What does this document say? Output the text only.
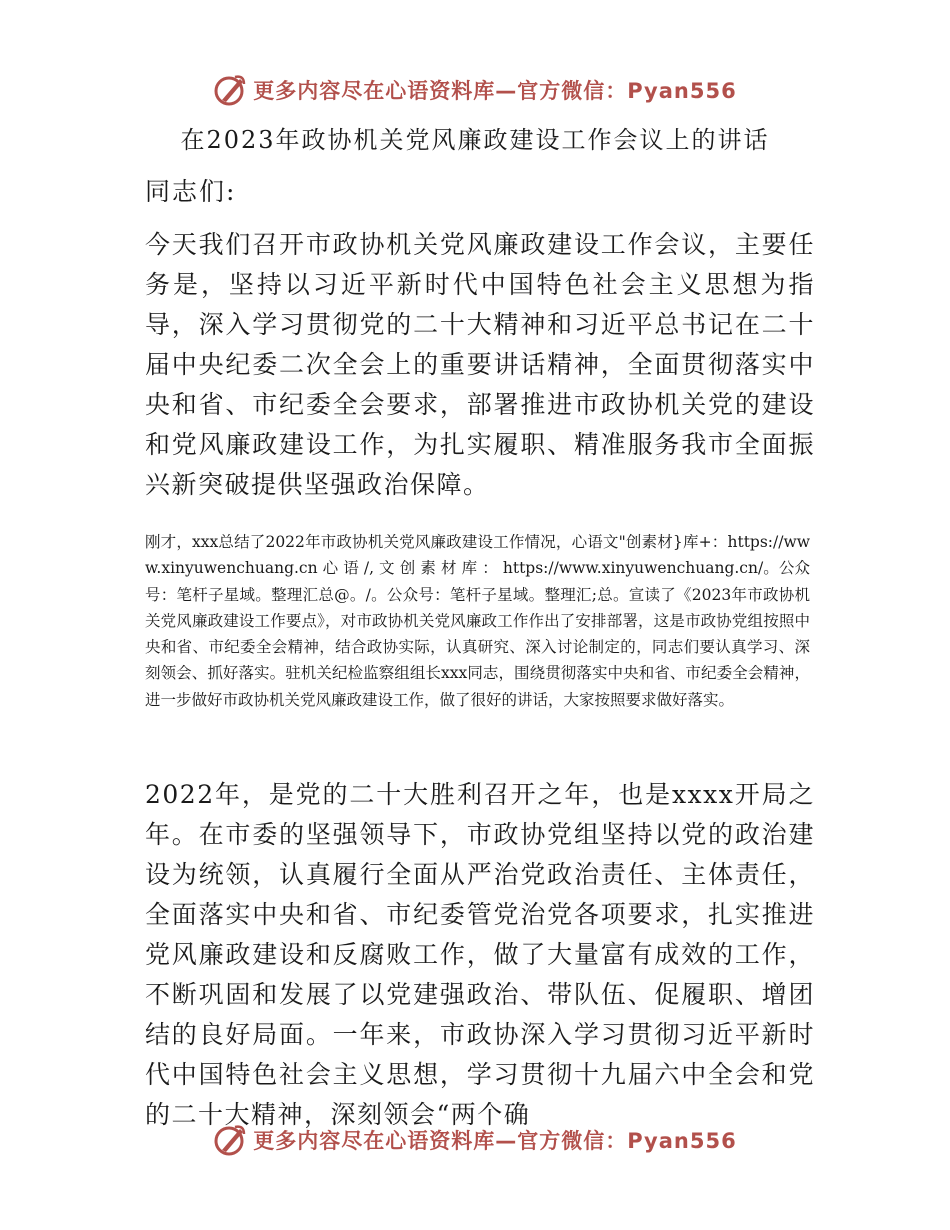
更多内容尽在心语资料库—官方微信：Pyan556
在2023年政协机关党风廉政建设工作会议上的讲话
同志们:

今天我们召开市政协机关党风廉政建设工作会议，主要任务是，坚持以习近平新时代中国特色社会主义思想为指导，深入学习贯彻党的二十大精神和习近平总书记在二十届中央纪委二次全会上的重要讲话精神，全面贯彻落实中央和省、市纪委全会要求，部署推进市政协机关党的建设和党风廉政建设工作，为扎实履职、精准服务我市全面振兴新突破提供坚强政治保障。

刚才，xxx总结了2022年市政协机关党风廉政建设工作情况，心语文"创素材}库+：https://www.xinyuwenchuang.cn 心 语 /, 文 创 素 材 库 ： https://www.xinyuwenchuang.cn/。公众号：笔杆子星域。整理汇总@。/。公众号：笔杆子星域。整理汇;总。宣读了《2023年市政协机关党风廉政建设工作要点》，对市政协机关党风廉政工作作出了安排部署，这是市政协党组按照中央和省、市纪委全会精神，结合政协实际，认真研究、深入讨论制定的，同志们要认真学习、深刻领会、抓好落实。驻机关纪检监察组组长xxx同志，围绕贯彻落实中央和省、市纪委全会精神，进一步做好市政协机关党风廉政建设工作，做了很好的讲话，大家按照要求做好落实。

2022年，是党的二十大胜利召开之年，也是xxxx开局之年。在市委的坚强领导下，市政协党组坚持以党的政治建设为统领，认真履行全面从严治党政治责任、主体责任，全面落实中央和省、市纪委管党治党各项要求，扎实推进党风廉政建设和反腐败工作，做了大量富有成效的工作，不断巩固和发展了以党建强政治、带队伍、促履职、增团结的良好局面。一年来，市政协深入学习贯彻习近平新时代中国特色社会主义思想，学习贯彻十九届六中全会和党的二十大精神，深刻领会“两个确

更多内容尽在心语资料库—官方微信：Pyan556
